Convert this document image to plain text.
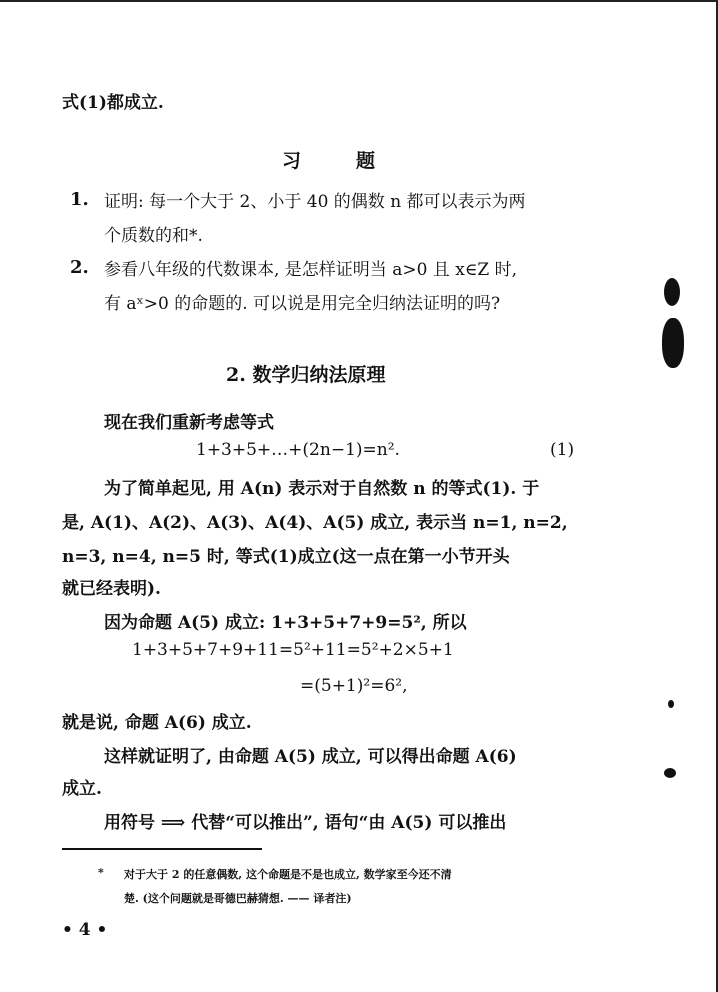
式(1)都成立.
习　题
1. 证明: 每一个大于 2、小于 40 的偶数 n 都可以表示为两
个质数的和*.
2. 参看八年级的代数课本, 是怎样证明当 a>0 且 x∈Z 时,
有 aˣ>0 的命题的. 可以说是用完全归纳法证明的吗?
2. 数学归纳法原理
现在我们重新考虑等式
1+3+5+…+(2n−1)=n².	(1)
为了简单起见, 用 A(n) 表示对于自然数 n 的等式(1). 于
是, A(1)、A(2)、A(3)、A(4)、A(5) 成立, 表示当 n=1, n=2,
n=3, n=4, n=5 时, 等式(1)成立(这一点在第一小节开头
就已经表明).
因为命题 A(5) 成立: 1+3+5+7+9=5², 所以
1+3+5+7+9+11=5²+11=5²+2×5+1
=(5+1)²=6²,
就是说, 命题 A(6) 成立.
这样就证明了, 由命题 A(5) 成立, 可以得出命题 A(6)
成立.
用符号 ⟹ 代替“可以推出”, 语句“由 A(5) 可以推出
* 对于大于 2 的任意偶数, 这个命题是不是也成立, 数学家至今还不清
楚. (这个问题就是哥德巴赫猜想. —— 译者注)
• 4 •
